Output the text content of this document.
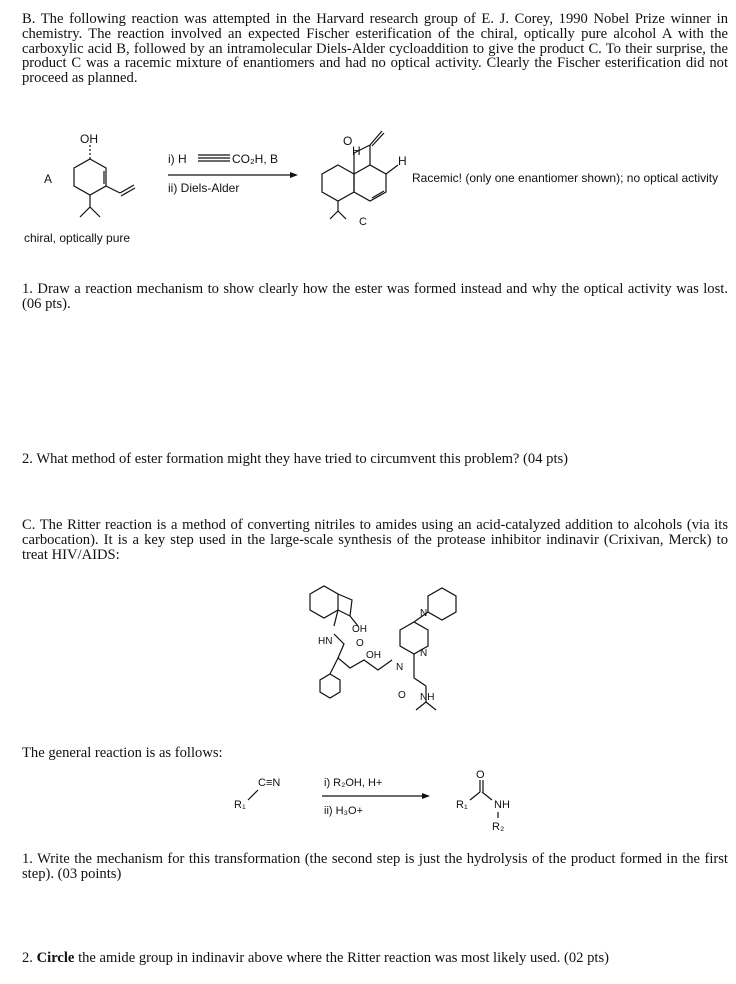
B. The following reaction was attempted in the Harvard research group of E. J. Corey, 1990 Nobel Prize winner in chemistry. The reaction involved an expected Fischer esterification of the chiral, optically pure alcohol A with the carboxylic acid B, followed by an intramolecular Diels-Alder cycloaddition to give the product C. To their surprise, the product C was a racemic mixture of enantiomers and had no optical activity. Clearly the Fischer esterification did not proceed as planned.
OH
A
i) H	CO₂H, B
ii) Diels-Alder
O
H
H
C
Racemic! (only one enantiomer shown); no optical activity
chiral, optically pure
1. Draw a reaction mechanism to show clearly how the ester was formed instead and why the optical activity was lost. (06 pts).
2. What method of ester formation might they have tried to circumvent this problem? (04 pts)
C. The Ritter reaction is a method of converting nitriles to amides using an acid-catalyzed addition to alcohols (via its carbocation). It is a key step used in the large-scale synthesis of the protease inhibitor indinavir (Crixivan, Merck) to treat HIV/AIDS:
OH
HN O
OH
N
N
N
O NH
The general reaction is as follows:
R₁
C≡N	i) R₂OH, H+
ii) H₃O+	R₁
O
NH
R₂
1. Write the mechanism for this transformation (the second step is just the hydrolysis of the product formed in the first step). (03 points)
2. Circle the amide group in indinavir above where the Ritter reaction was most likely used. (02 pts)
